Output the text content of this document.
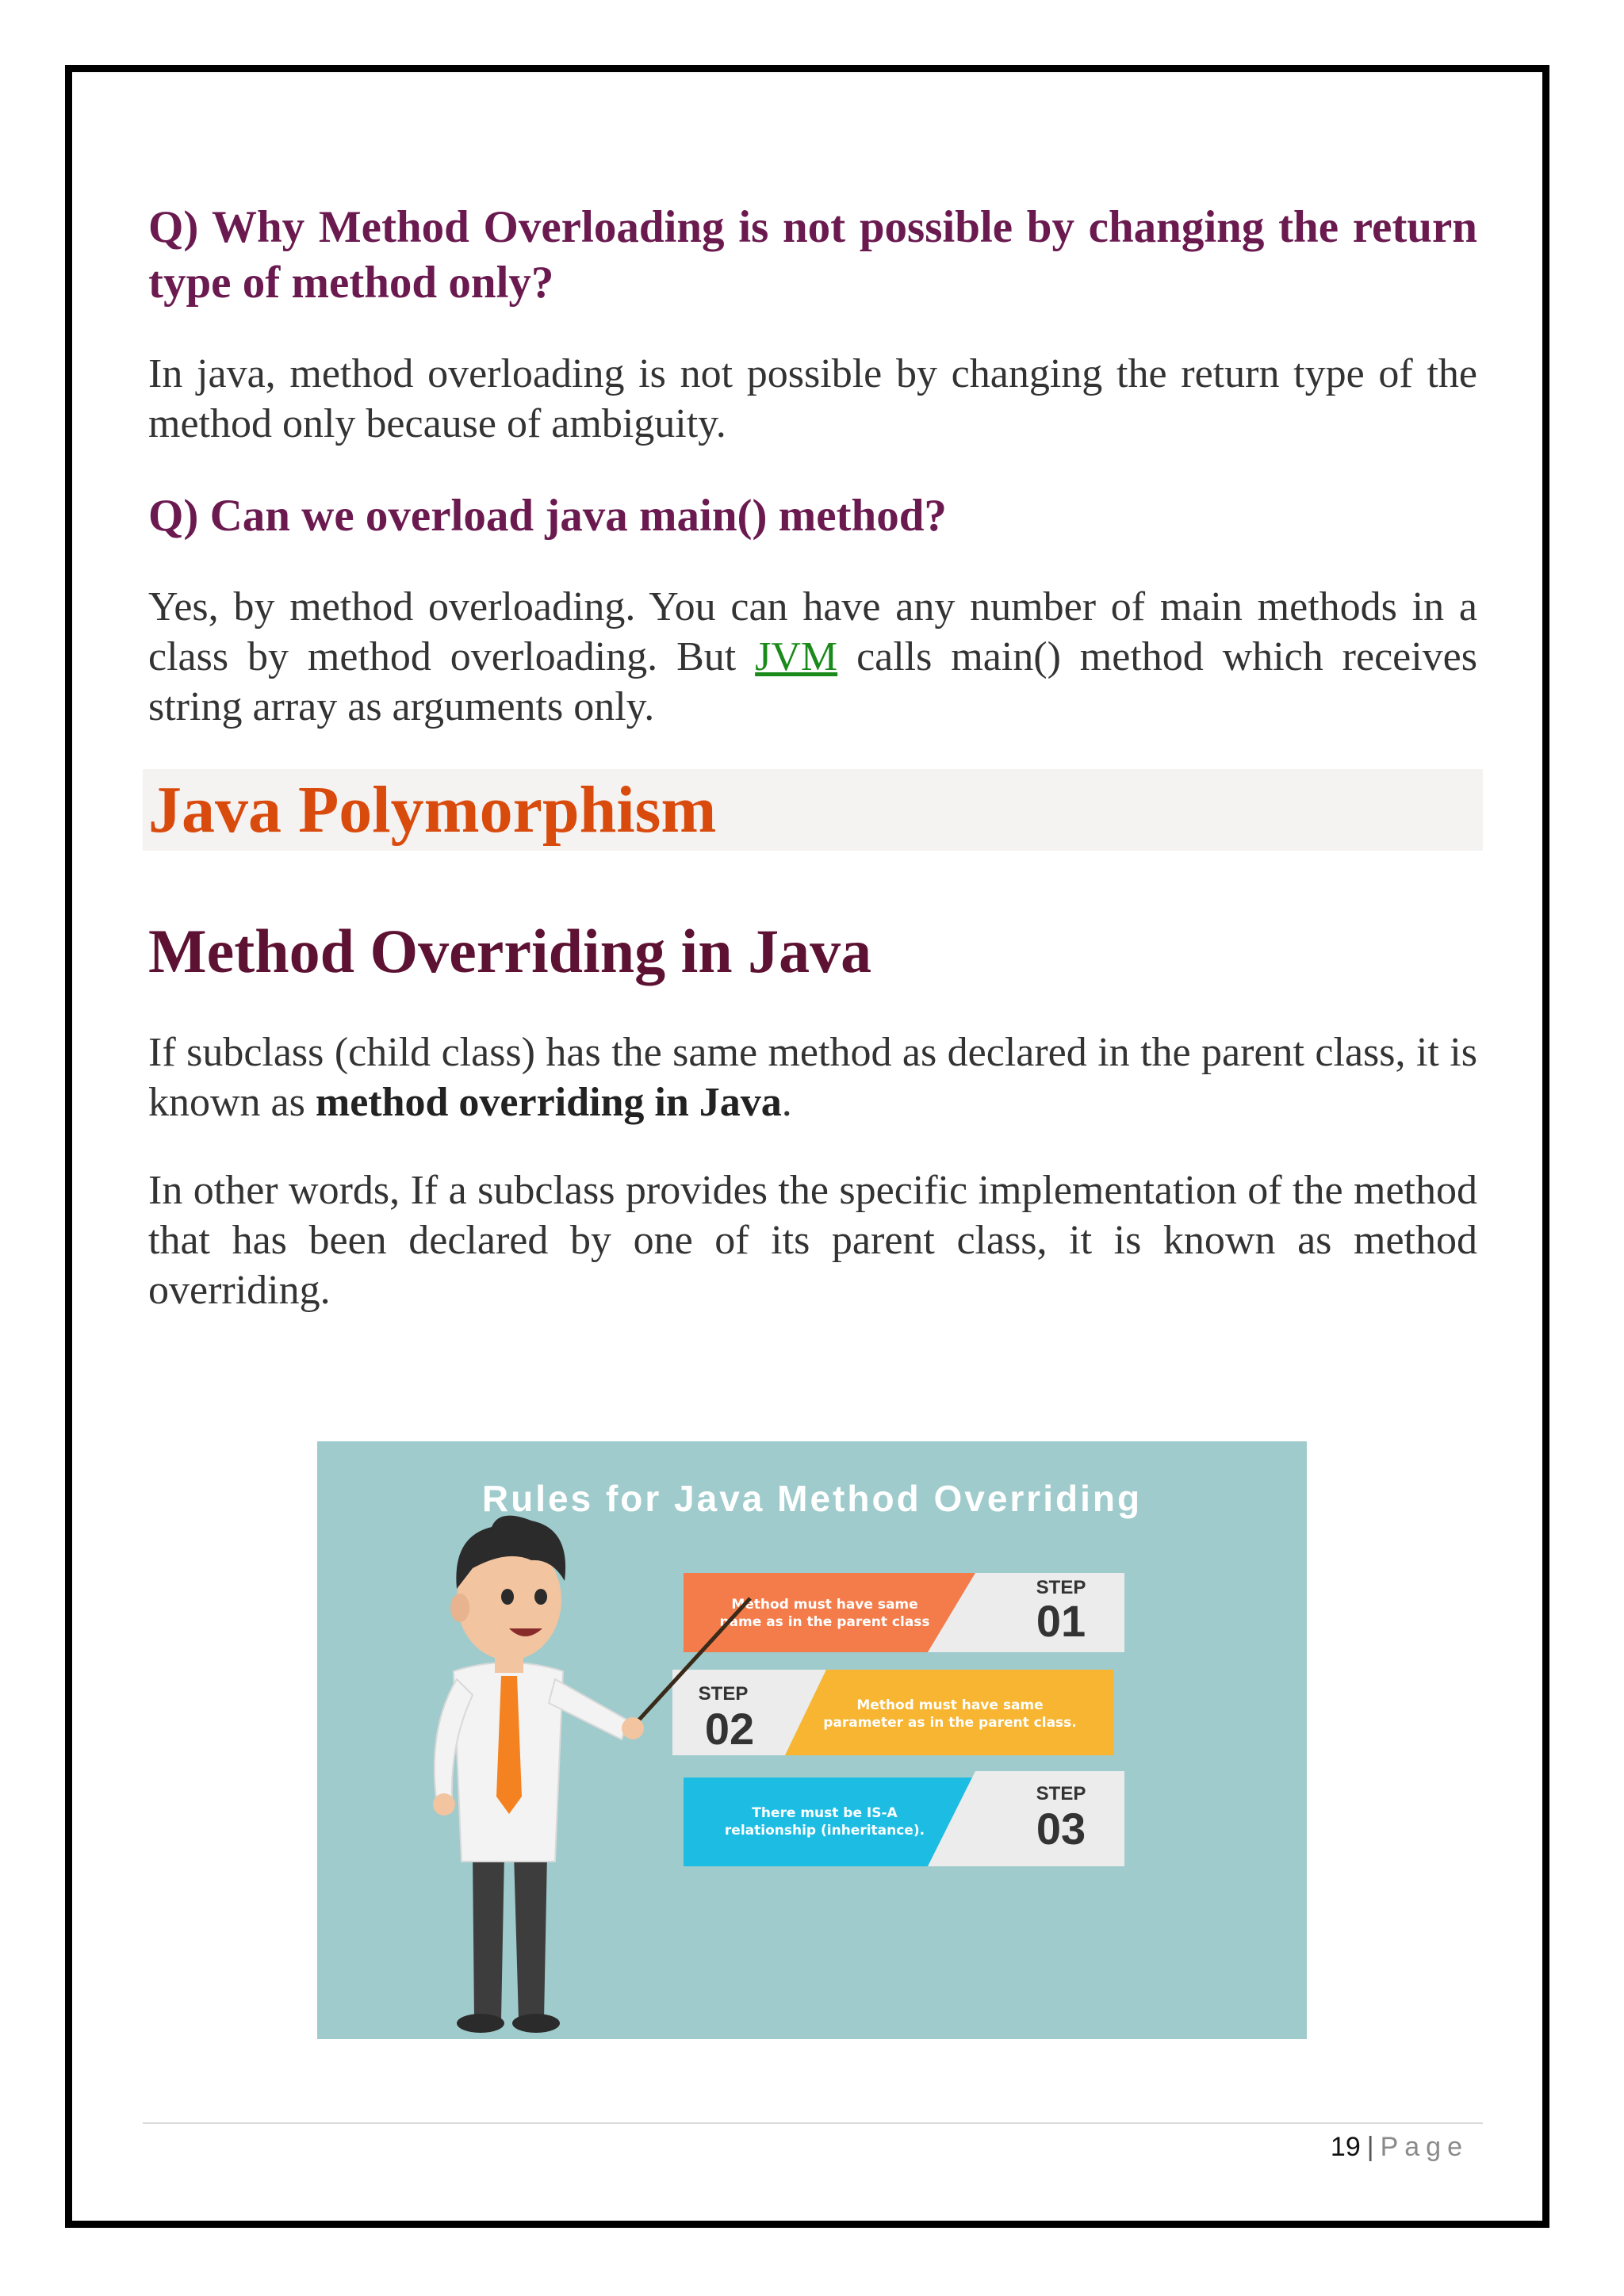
Q) Why Method Overloading is not possible by changing the return type of method only?

In java, method overloading is not possible by changing the return type of the method only because of ambiguity.

Q) Can we overload java main() method?

Yes, by method overloading. You can have any number of main methods in a class by method overloading. But JVM calls main() method which receives string array as arguments only.

Java Polymorphism
Method Overriding in Java

If subclass (child class) has the same method as declared in the parent class, it is known as method overriding in Java.

In other words, If a subclass provides the specific implementation of the method that has been declared by one of its parent class, it is known as method overriding.

Rules for Java Method Overriding
Method must have same
name as in the parent class
STEP
01
STEP
02	Method must have same
parameter as in the parent class.
There must be IS-A
relationship (inheritance).
STEP
03
19 | Page
